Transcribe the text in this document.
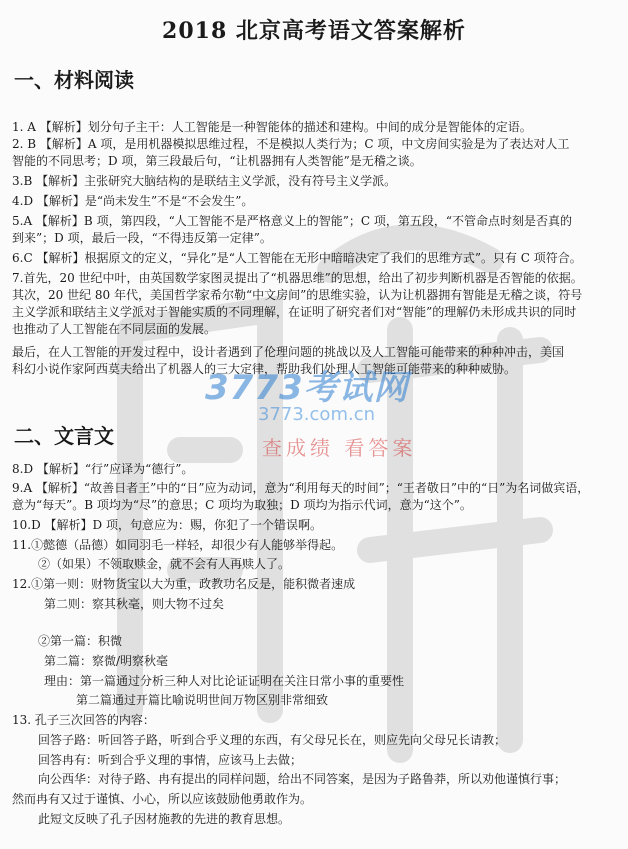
2018 北京高考语文答案解析
一、材料阅读
1. A 【解析】划分句子主干：人工智能是一种智能体的描述和建构。中间的成分是智能体的定语。
2. B 【解析】A 项，是用机器模拟思维过程，不是模拟人类行为；C 项，中文房间实验是为了表达对人工
智能的不同思考；D 项，第三段最后句，“让机器拥有人类智能”是无稽之谈。
3.B 【解析】主张研究大脑结构的是联结主义学派，没有符号主义学派。
4.D 【解析】是“尚未发生”不是“不会发生”。
5.A 【解析】B 项，第四段，“人工智能不是严格意义上的智能”；C 项，第五段，“不管命点时刻是否真的
到来”；D 项，最后一段，“不得违反第一定律”。
6.C 【解析】根据原文的定义，“异化”是“人工智能在无形中暗暗决定了我们的思维方式”。只有 C 项符合。
7.首先，20 世纪中叶，由英国数学家图灵提出了“机器思维”的思想，给出了初步判断机器是否智能的依据。
其次，20 世纪 80 年代，美国哲学家希尔勒“中文房间”的思维实验，认为让机器拥有智能是无稽之谈，符号
主义学派和联结主义学派对于智能实质的不同理解，在证明了研究者们对“智能”的理解仍未形成共识的同时
也推动了人工智能在不同层面的发展。
最后，在人工智能的开发过程中，设计者遇到了伦理问题的挑战以及人工智能可能带来的种种冲击，美国
科幻小说作家阿西莫夫给出了机器人的三大定律，帮助我们处理人工智能可能带来的种种威胁。
二、文言文
8.D 【解析】“行”应译为“德行”。
9.A 【解析】“故善日者王”中的“日”应为动词，意为“利用每天的时间”；“王者敬日”中的“日”为名词做宾语，
意为“每天”。B 项均为“尽”的意思；C 项均为取独；D 项均为指示代词，意为“这个”。
10.D 【解析】D 项，句意应为：赐，你犯了一个错误啊。
11.①懿德（品德）如同羽毛一样轻，却很少有人能够举得起。
②（如果）不领取赎金，就不会有人再赎人了。
12.①第一则：财物货宝以大为重，政教功名反是，能积微者速成
第二则：察其秋毫，则大物不过矣
②第一篇：积微
第二篇：察微/明察秋毫
理由：第一篇通过分析三种人对比论证证明在关注日常小事的重要性
第二篇通过开篇比喻说明世间万物区别非常细致
13. 孔子三次回答的内容：
回答子路：听回答子路，听到合乎义理的东西，有父母兄长在，则应先向父母兄长请教；
回答冉有：听到合乎义理的事情，应该马上去做；
向公西华：对待子路、冉有提出的同样问题，给出不同答案，是因为子路鲁莽，所以劝他谨慎行事；
然而冉有又过于谨慎、小心，所以应该鼓励他勇敢作为。
此短文反映了孔子因材施教的先进的教育思想。
3773考试网
3773.com.cn
查成绩 看答案
